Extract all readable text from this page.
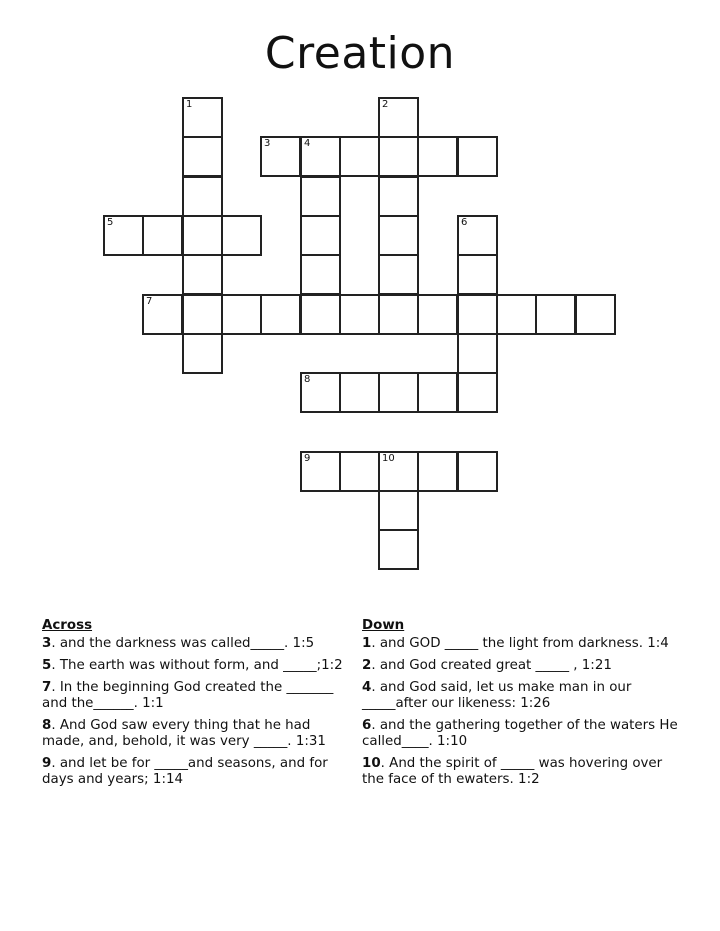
Creation
1	2
3	4
5	6
7
8
9	10
Across
3. and the darkness was called_____. 1:5
5. The earth was without form, and _____;1:2
7. In the beginning God created the _______ and the______. 1:1
8. And God saw every thing that he had made, and, behold, it was very _____. 1:31
9. and let be for _____and seasons, and for days and years; 1:14
Down
1. and GOD _____ the light from darkness. 1:4
2. and God created great _____ , 1:21
4. and God said, let us make man in our _____after our likeness: 1:26
6. and the gathering together of the waters He called____. 1:10
10. And the spirit of _____ was hovering over the face of th ewaters. 1:2
